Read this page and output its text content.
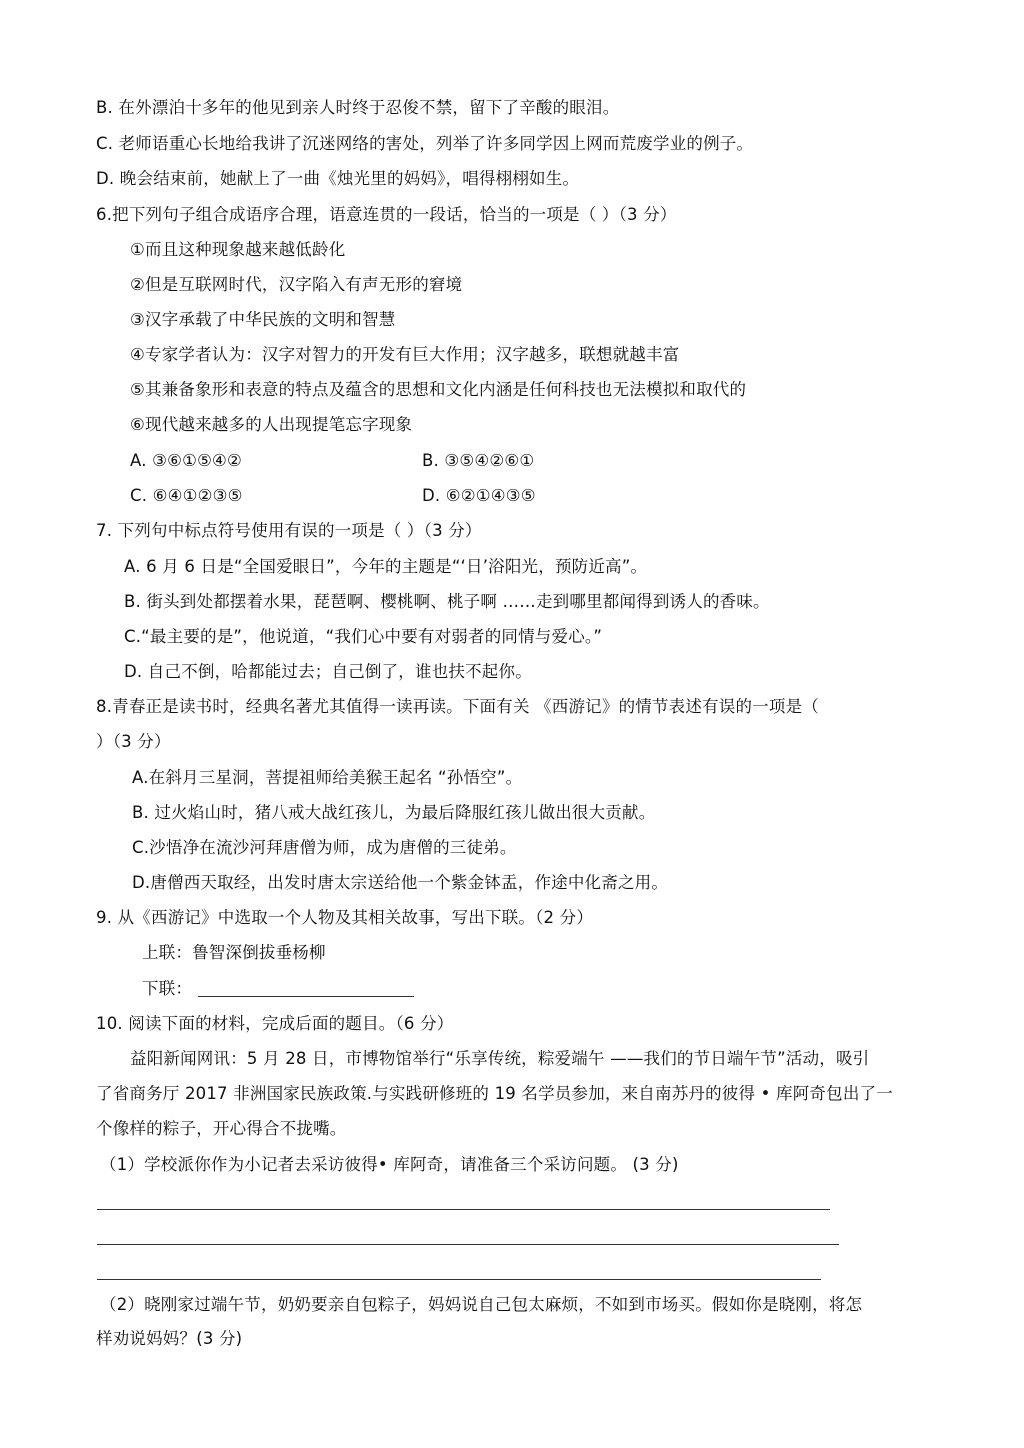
B. 在外漂泊十多年的他见到亲人时终于忍俊不禁，留下了辛酸的眼泪。
C. 老师语重心长地给我讲了沉迷网络的害处，列举了许多同学因上网而荒废学业的例子。
D. 晚会结束前，她献上了一曲《烛光里的妈妈》，唱得栩栩如生。
6.把下列句子组合成语序合理，语意连贯的一段话，恰当的一项是（ ）（3 分）
①而且这种现象越来越低龄化
②但是互联网时代，汉字陷入有声无形的窘境
③汉字承载了中华民族的文明和智慧
④专家学者认为：汉字对智力的开发有巨大作用；汉字越多，联想就越丰富
⑤其兼备象形和表意的特点及蕴含的思想和文化内涵是任何科技也无法模拟和取代的
⑥现代越来越多的人出现提笔忘字现象
A. ③⑥①⑤④②	B. ③⑤④②⑥①
C. ⑥④①②③⑤	D. ⑥②①④③⑤
7. 下列句中标点符号使用有误的一项是（ ）（3 分）
A. 6 月 6 日是“全国爱眼日”，今年的主题是“‘日’浴阳光，预防近高”。
B. 街头到处都摆着水果，琵琶啊、樱桃啊、桃子啊 ……走到哪里都闻得到诱人的香味。
C.“最主要的是”，他说道，“我们心中要有对弱者的同情与爱心。”
D. 自己不倒，哈都能过去；自己倒了，谁也扶不起你。
8.青春正是读书时，经典名著尤其值得一读再读。下面有关 《西游记》的情节表述有误的一项是（
）（3 分）
A.在斜月三星洞，菩提祖师给美猴王起名 “孙悟空”。
B. 过火焰山时，猪八戒大战红孩儿，为最后降服红孩儿做出很大贡献。
C.沙悟净在流沙河拜唐僧为师，成为唐僧的三徒弟。
D.唐僧西天取经，出发时唐太宗送给他一个紫金钵盂，作途中化斋之用。
9. 从《西游记》中选取一个人物及其相关故事，写出下联。（2 分）
上联：鲁智深倒拔垂杨柳
下联：
10. 阅读下面的材料，完成后面的题目。（6 分）
益阳新闻网讯：5 月 28 日，市博物馆举行“乐享传统，粽爱端午 ——我们的节日端午节”活动，吸引
了省商务厅 2017 非洲国家民族政策.与实践研修班的 19 名学员参加，来自南苏丹的彼得 • 库阿奇包出了一
个像样的粽子，开心得合不拢嘴。
（1）学校派你作为小记者去采访彼得• 库阿奇，请准备三个采访问题。 (3 分)
（2）晓刚家过端午节，奶奶要亲自包粽子，妈妈说自己包太麻烦，不如到市场买。假如你是晓刚，将怎
样劝说妈妈？(3 分)
